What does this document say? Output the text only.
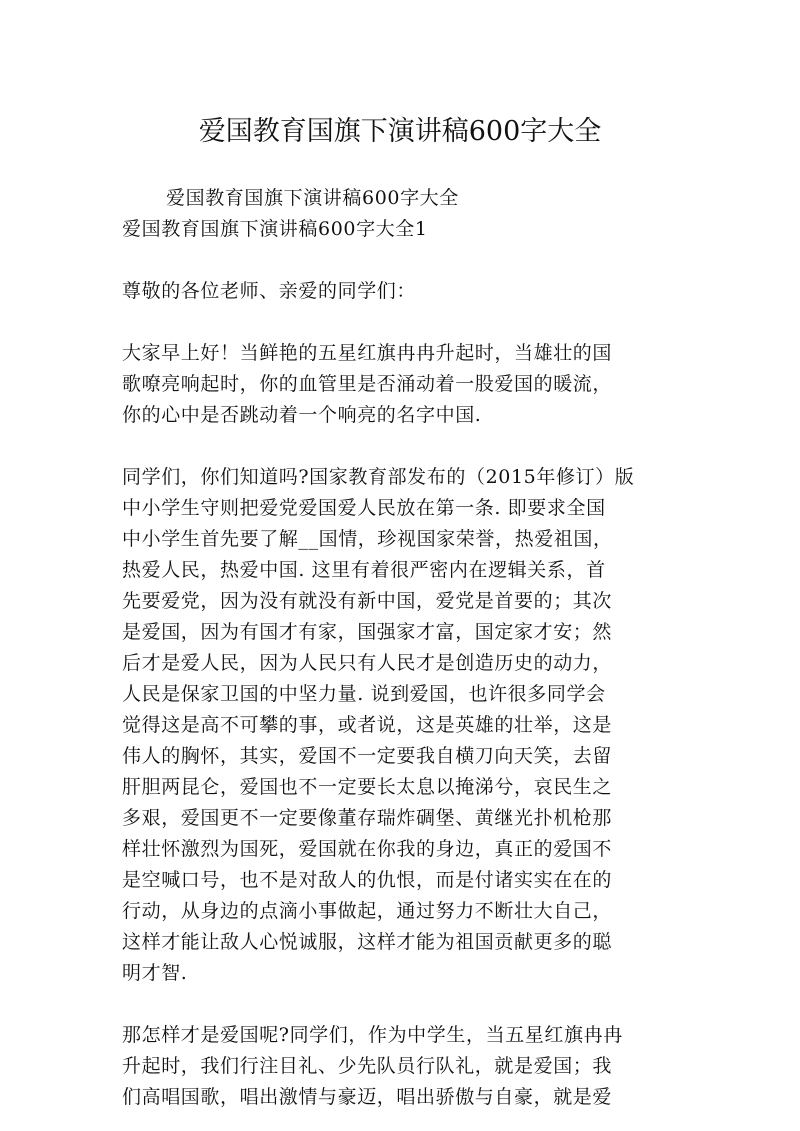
爱国教育国旗下演讲稿600字大全
爱国教育国旗下演讲稿600字大全
爱国教育国旗下演讲稿600字大全1
尊敬的各位老师、亲爱的同学们：
大家早上好！当鲜艳的五星红旗冉冉升起时，当雄壮的国
歌嘹亮响起时，你的血管里是否涌动着一股爱国的暖流，
你的心中是否跳动着一个响亮的名字中国.
同学们，你们知道吗?国家教育部发布的（2015年修订）版
中小学生守则把爱党爱国爱人民放在第一条. 即要求全国
中小学生首先要了解__国情，珍视国家荣誉，热爱祖国，
热爱人民，热爱中国. 这里有着很严密内在逻辑关系，首
先要爱党，因为没有就没有新中国，爱党是首要的；其次
是爱国，因为有国才有家，国强家才富，国定家才安；然
后才是爱人民，因为人民只有人民才是创造历史的动力，
人民是保家卫国的中坚力量. 说到爱国，也许很多同学会
觉得这是高不可攀的事，或者说，这是英雄的壮举，这是
伟人的胸怀，其实，爱国不一定要我自横刀向天笑，去留
肝胆两昆仑，爱国也不一定要长太息以掩涕兮，哀民生之
多艰，爱国更不一定要像董存瑞炸碉堡、黄继光扑机枪那
样壮怀激烈为国死，爱国就在你我的身边，真正的爱国不
是空喊口号，也不是对敌人的仇恨，而是付诸实实在在的
行动，从身边的点滴小事做起，通过努力不断壮大自己，
这样才能让敌人心悦诚服，这样才能为祖国贡献更多的聪
明才智.
那怎样才是爱国呢?同学们，作为中学生，当五星红旗冉冉
升起时，我们行注目礼、少先队员行队礼，就是爱国；我
们高唱国歌，唱出激情与豪迈，唱出骄傲与自豪，就是爱
